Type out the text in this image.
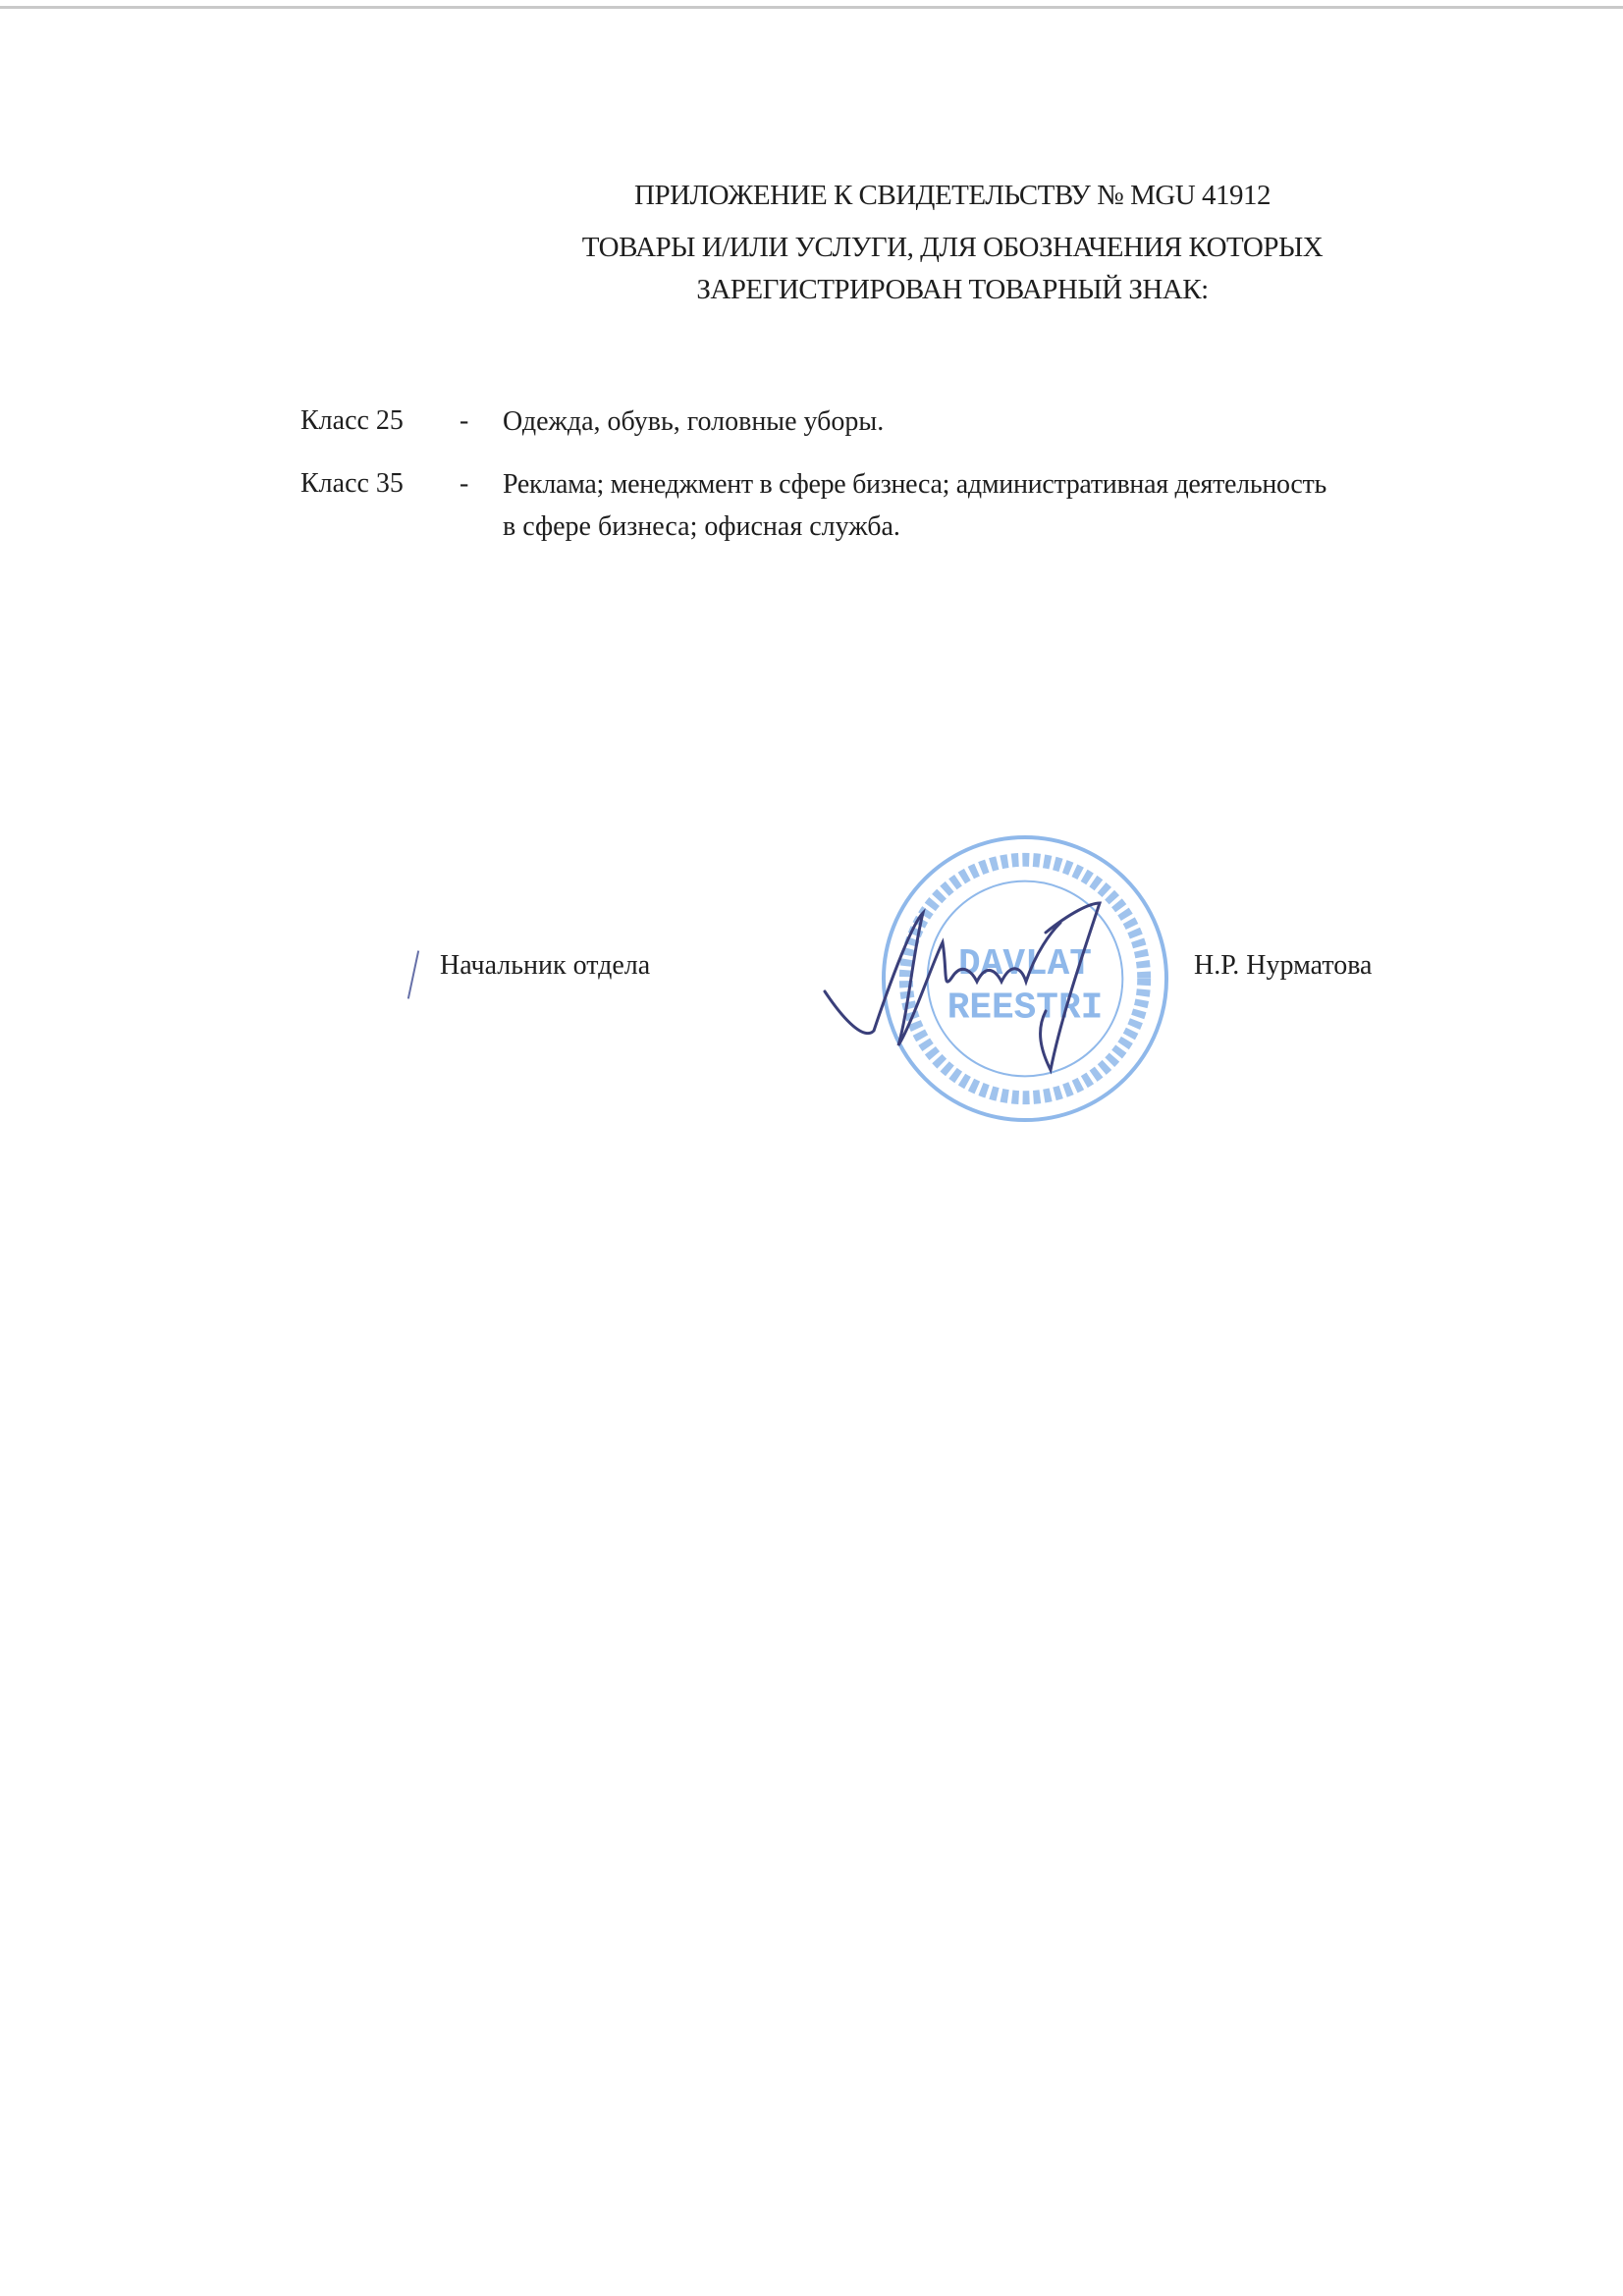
ПРИЛОЖЕНИЕ К СВИДЕТЕЛЬСТВУ № MGU 41912
ТОВАРЫ И/ИЛИ УСЛУГИ, ДЛЯ ОБОЗНАЧЕНИЯ КОТОРЫХ
ЗАРЕГИСТРИРОВАН ТОВАРНЫЙ ЗНАК:
Класс 25 - Одежда, обувь, головные уборы.
Класс 35 - Реклама; менеджмент в сфере бизнеса; административная деятельность
в сфере бизнеса; офисная служба.
Начальник отдела	Н.Р. Нурматова
DAVLAT
REESTRI
